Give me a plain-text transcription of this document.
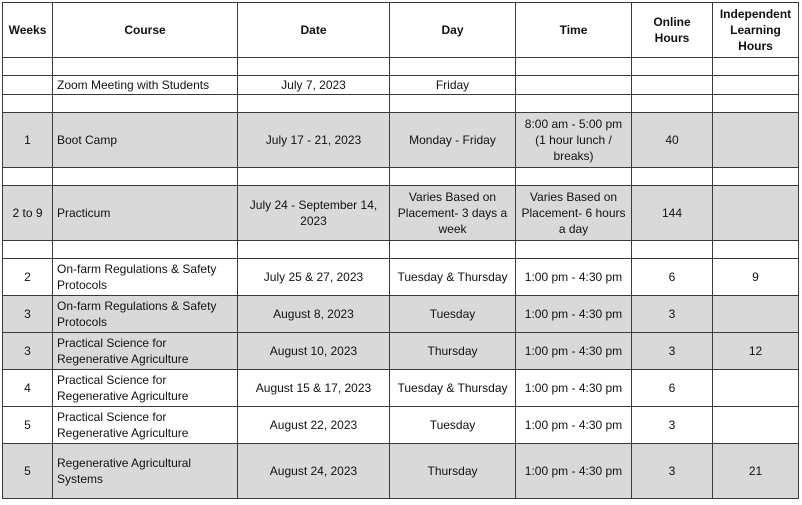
Weeks	Course	Date	Day	Time	Online Hours	Independent Learning Hours

	Zoom Meeting with Students	July 7, 2023	Friday			

1	Boot Camp	July 17 - 21, 2023	Monday - Friday	8:00 am - 5:00 pm (1 hour lunch / breaks)	40	

2 to 9	Practicum	July 24 - September 14, 2023	Varies Based on Placement- 3 days a week	Varies Based on Placement- 6 hours a day	144	

2	On-farm Regulations & Safety Protocols	July 25 & 27, 2023	Tuesday & Thursday	1:00 pm - 4:30 pm	6	9
3	On-farm Regulations & Safety Protocols	August 8, 2023	Tuesday	1:00 pm - 4:30 pm	3	
3	Practical Science for Regenerative Agriculture	August 10, 2023	Thursday	1:00 pm - 4:30 pm	3	12
4	Practical Science for Regenerative Agriculture	August 15 & 17, 2023	Tuesday & Thursday	1:00 pm - 4:30 pm	6	
5	Practical Science for Regenerative Agriculture	August 22, 2023	Tuesday	1:00 pm - 4:30 pm	3	
5	Regenerative Agricultural Systems	August 24, 2023	Thursday	1:00 pm - 4:30 pm	3	21
